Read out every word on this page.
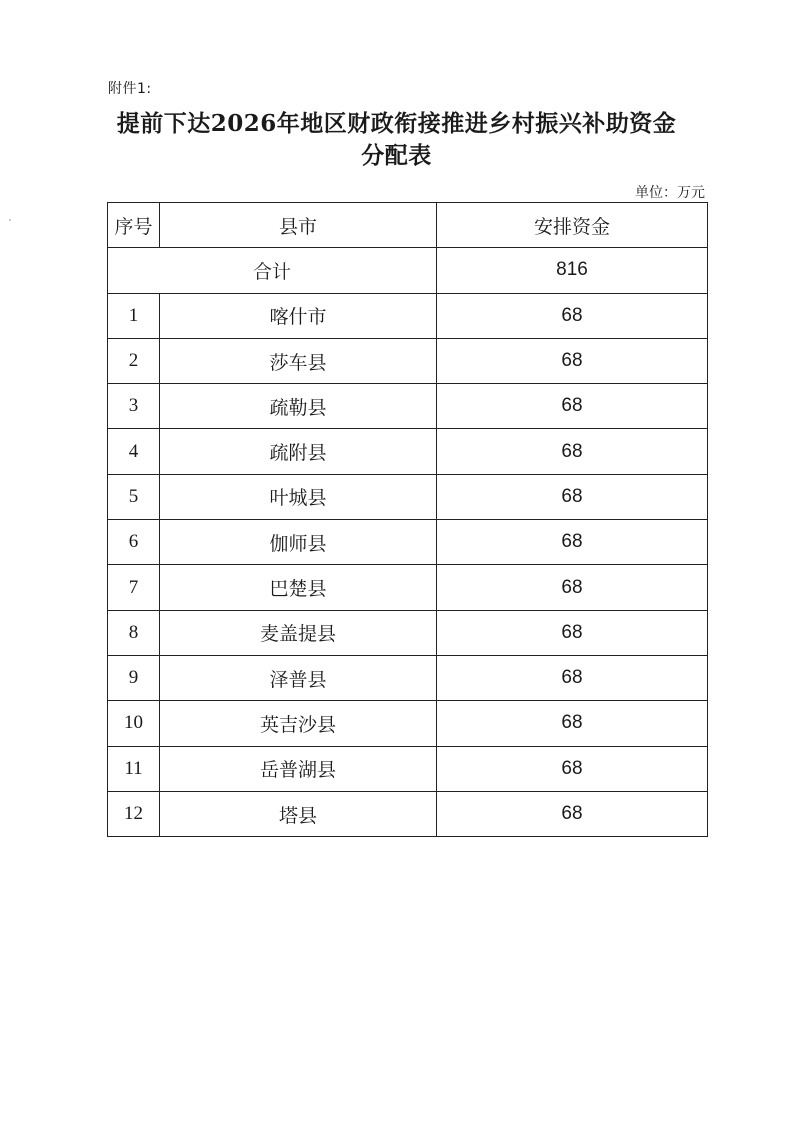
附件1:
提前下达2026年地区财政衔接推进乡村振兴补助资金
分配表
单位：万元
序号	县市	安排资金
合计		816
1	喀什市	68
2	莎车县	68
3	疏勒县	68
4	疏附县	68
5	叶城县	68
6	伽师县	68
7	巴楚县	68
8	麦盖提县	68
9	泽普县	68
10	英吉沙县	68
11	岳普湖县	68
12	塔县	68
